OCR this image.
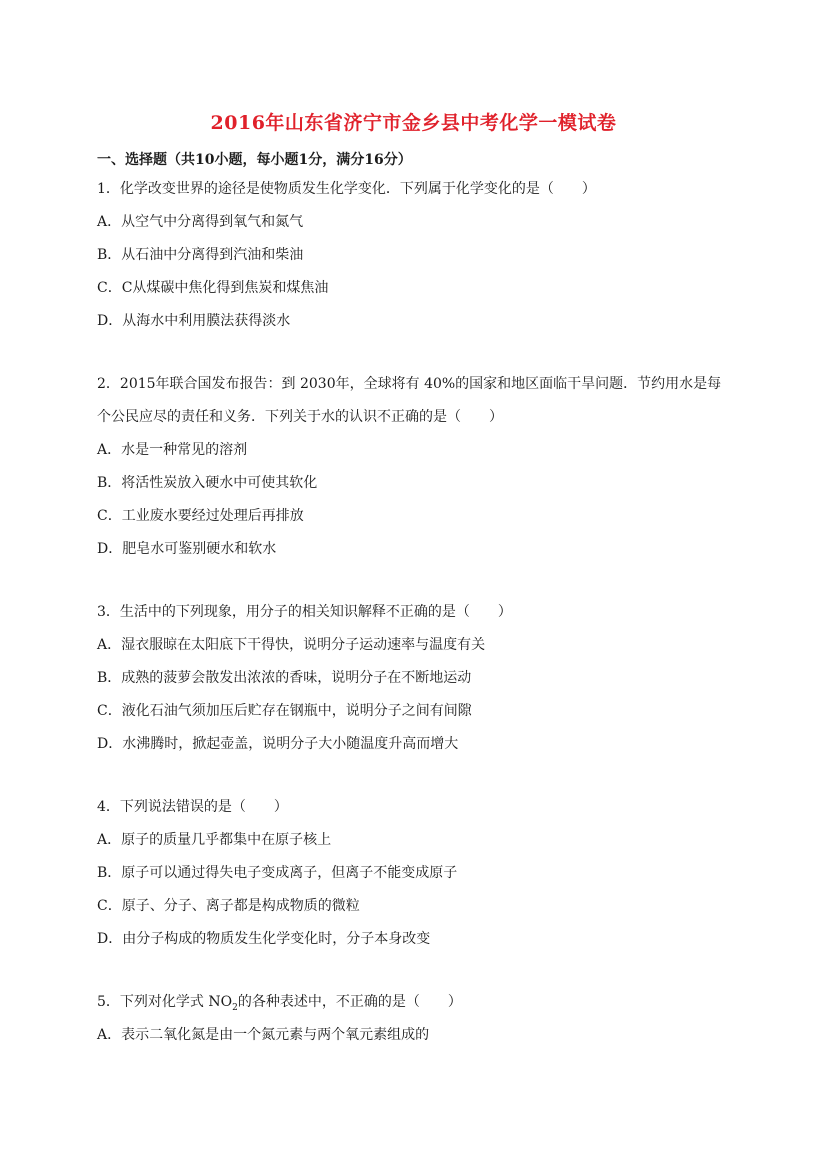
2016年山东省济宁市金乡县中考化学一模试卷
一、选择题（共10小题，每小题1分，满分16分）
1．化学改变世界的途径是使物质发生化学变化．下列属于化学变化的是（　　）
A．从空气中分离得到氧气和氮气
B．从石油中分离得到汽油和柴油
C．C从煤碳中焦化得到焦炭和煤焦油
D．从海水中利用膜法获得淡水
2．2015年联合国发布报告：到 2030年，全球将有 40%的国家和地区面临干旱问题．节约用水是每
个公民应尽的责任和义务．下列关于水的认识不正确的是（　　）
A．水是一种常见的溶剂
B．将活性炭放入硬水中可使其软化
C．工业废水要经过处理后再排放
D．肥皂水可鉴别硬水和软水
3．生活中的下列现象，用分子的相关知识解释不正确的是（　　）
A．湿衣服晾在太阳底下干得快，说明分子运动速率与温度有关
B．成熟的菠萝会散发出浓浓的香味，说明分子在不断地运动
C．液化石油气须加压后贮存在钢瓶中，说明分子之间有间隙
D．水沸腾时，掀起壶盖，说明分子大小随温度升高而增大
4．下列说法错误的是（　　）
A．原子的质量几乎都集中在原子核上
B．原子可以通过得失电子变成离子，但离子不能变成原子
C．原子、分子、离子都是构成物质的微粒
D．由分子构成的物质发生化学变化时，分子本身改变
5．下列对化学式 $NO_2$的各种表述中，不正确的是（　　）
A．表示二氧化氮是由一个氮元素与两个氧元素组成的
